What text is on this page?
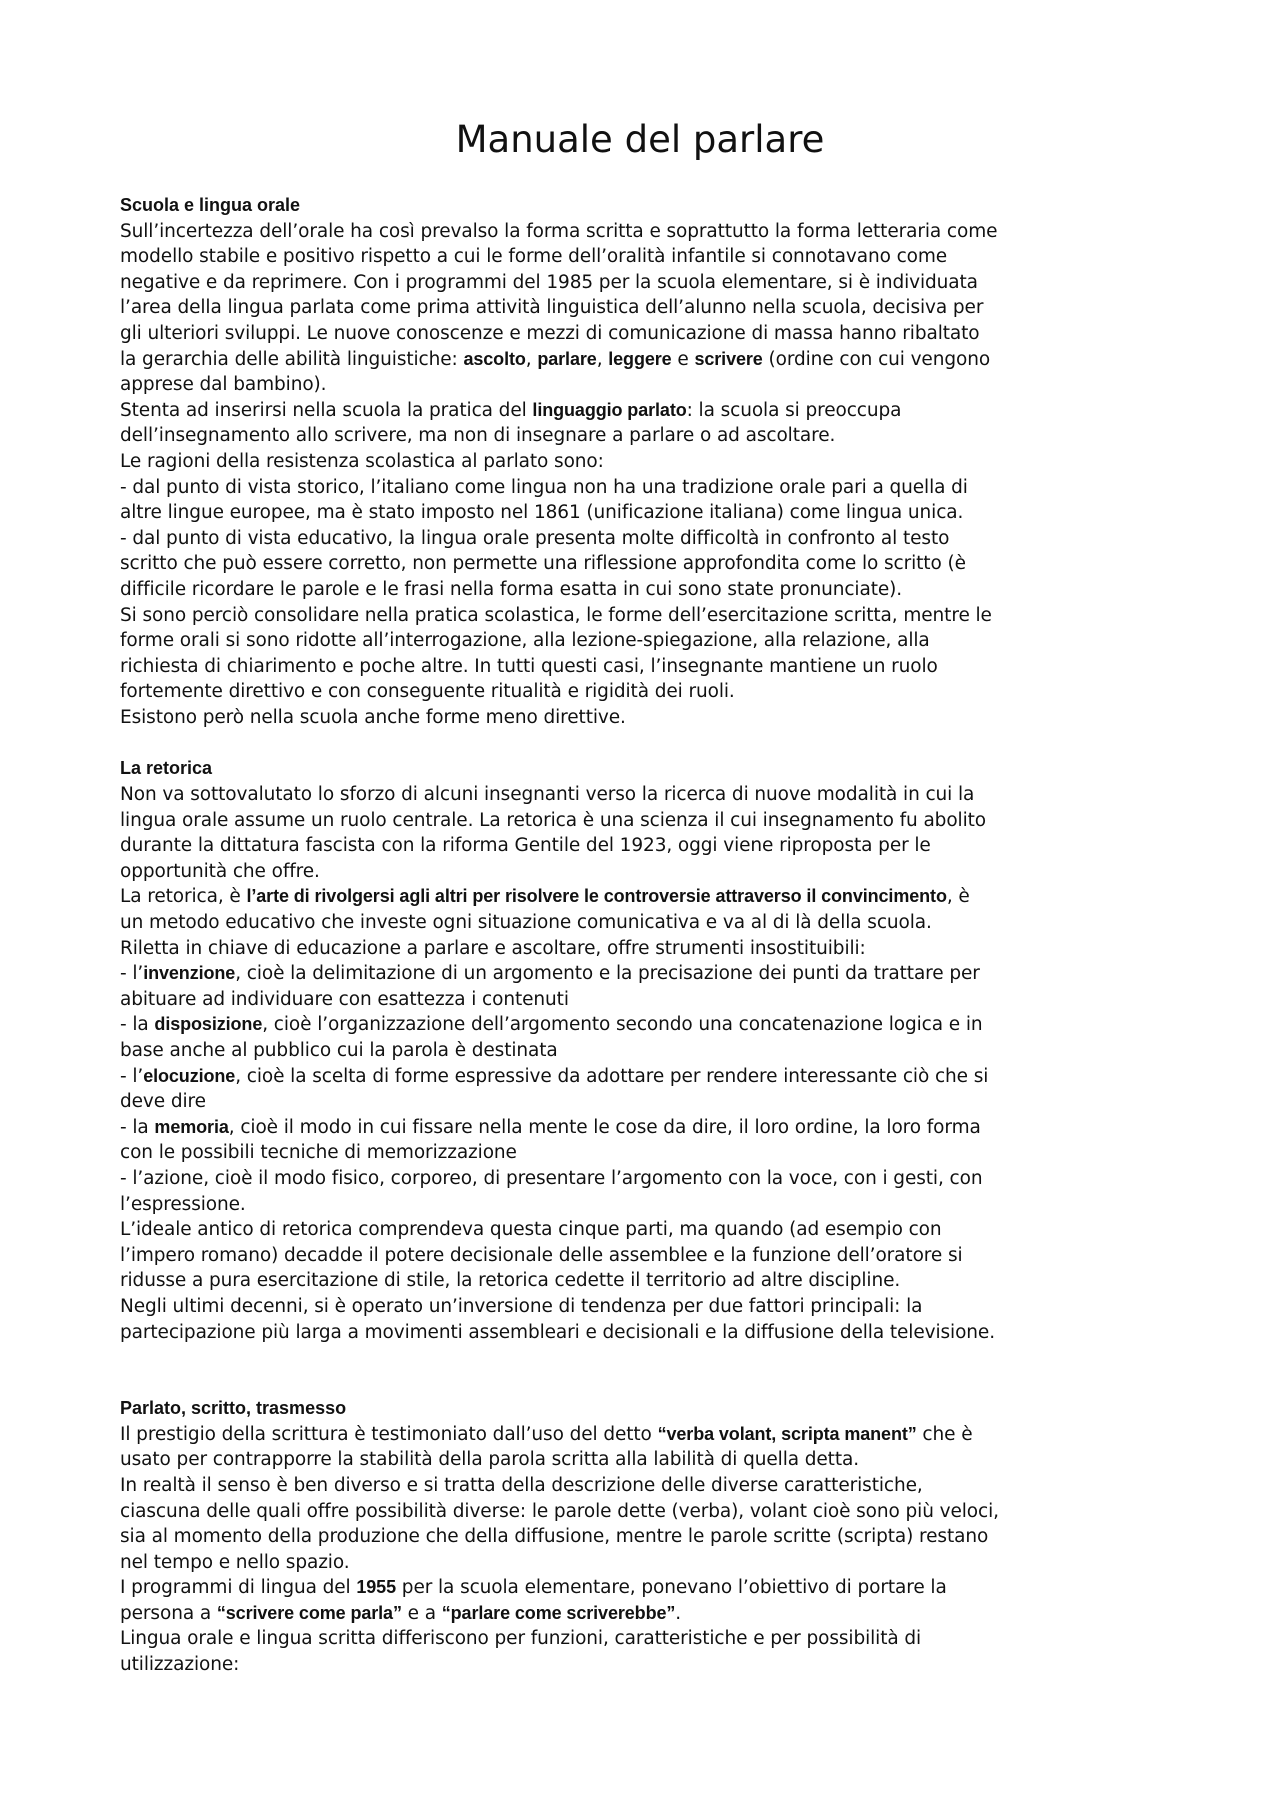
Manuale del parlare
Scuola e lingua orale
Sull’incertezza dell’orale ha così prevalso la forma scritta e soprattutto la forma letteraria come
modello stabile e positivo rispetto a cui le forme dell’oralità infantile si connotavano come
negative e da reprimere. Con i programmi del 1985 per la scuola elementare, si è individuata
l’area della lingua parlata come prima attività linguistica dell’alunno nella scuola, decisiva per
gli ulteriori sviluppi. Le nuove conoscenze e mezzi di comunicazione di massa hanno ribaltato
la gerarchia delle abilità linguistiche: ascolto, parlare, leggere e scrivere (ordine con cui vengono
apprese dal bambino).
Stenta ad inserirsi nella scuola la pratica del linguaggio parlato: la scuola si preoccupa
dell’insegnamento allo scrivere, ma non di insegnare a parlare o ad ascoltare.
Le ragioni della resistenza scolastica al parlato sono:
- dal punto di vista storico, l’italiano come lingua non ha una tradizione orale pari a quella di
altre lingue europee, ma è stato imposto nel 1861 (unificazione italiana) come lingua unica.
- dal punto di vista educativo, la lingua orale presenta molte difficoltà in confronto al testo
scritto che può essere corretto, non permette una riflessione approfondita come lo scritto (è
difficile ricordare le parole e le frasi nella forma esatta in cui sono state pronunciate).
Si sono perciò consolidare nella pratica scolastica, le forme dell’esercitazione scritta, mentre le
forme orali si sono ridotte all’interrogazione, alla lezione-spiegazione, alla relazione, alla
richiesta di chiarimento e poche altre. In tutti questi casi, l’insegnante mantiene un ruolo
fortemente direttivo e con conseguente ritualità e rigidità dei ruoli.
Esistono però nella scuola anche forme meno direttive.
La retorica
Non va sottovalutato lo sforzo di alcuni insegnanti verso la ricerca di nuove modalità in cui la
lingua orale assume un ruolo centrale. La retorica è una scienza il cui insegnamento fu abolito
durante la dittatura fascista con la riforma Gentile del 1923, oggi viene riproposta per le
opportunità che offre.
La retorica, è l’arte di rivolgersi agli altri per risolvere le controversie attraverso il convincimento, è
un metodo educativo che investe ogni situazione comunicativa e va al di là della scuola.
Riletta in chiave di educazione a parlare e ascoltare, offre strumenti insostituibili:
- l’invenzione, cioè la delimitazione di un argomento e la precisazione dei punti da trattare per
abituare ad individuare con esattezza i contenuti
- la disposizione, cioè l’organizzazione dell’argomento secondo una concatenazione logica e in
base anche al pubblico cui la parola è destinata
- l’elocuzione, cioè la scelta di forme espressive da adottare per rendere interessante ciò che si
deve dire
- la memoria, cioè il modo in cui fissare nella mente le cose da dire, il loro ordine, la loro forma
con le possibili tecniche di memorizzazione
- l’azione, cioè il modo fisico, corporeo, di presentare l’argomento con la voce, con i gesti, con
l’espressione.
L’ideale antico di retorica comprendeva questa cinque parti, ma quando (ad esempio con
l’impero romano) decadde il potere decisionale delle assemblee e la funzione dell’oratore si
ridusse a pura esercitazione di stile, la retorica cedette il territorio ad altre discipline.
Negli ultimi decenni, si è operato un’inversione di tendenza per due fattori principali: la
partecipazione più larga a movimenti assembleari e decisionali e la diffusione della televisione.
Parlato, scritto, trasmesso
Il prestigio della scrittura è testimoniato dall’uso del detto “verba volant, scripta manent” che è
usato per contrapporre la stabilità della parola scritta alla labilità di quella detta.
In realtà il senso è ben diverso e si tratta della descrizione delle diverse caratteristiche,
ciascuna delle quali offre possibilità diverse: le parole dette (verba), volant cioè sono più veloci,
sia al momento della produzione che della diffusione, mentre le parole scritte (scripta) restano
nel tempo e nello spazio.
I programmi di lingua del 1955 per la scuola elementare, ponevano l’obiettivo di portare la
persona a “scrivere come parla” e a “parlare come scriverebbe”.
Lingua orale e lingua scritta differiscono per funzioni, caratteristiche e per possibilità di
utilizzazione:
